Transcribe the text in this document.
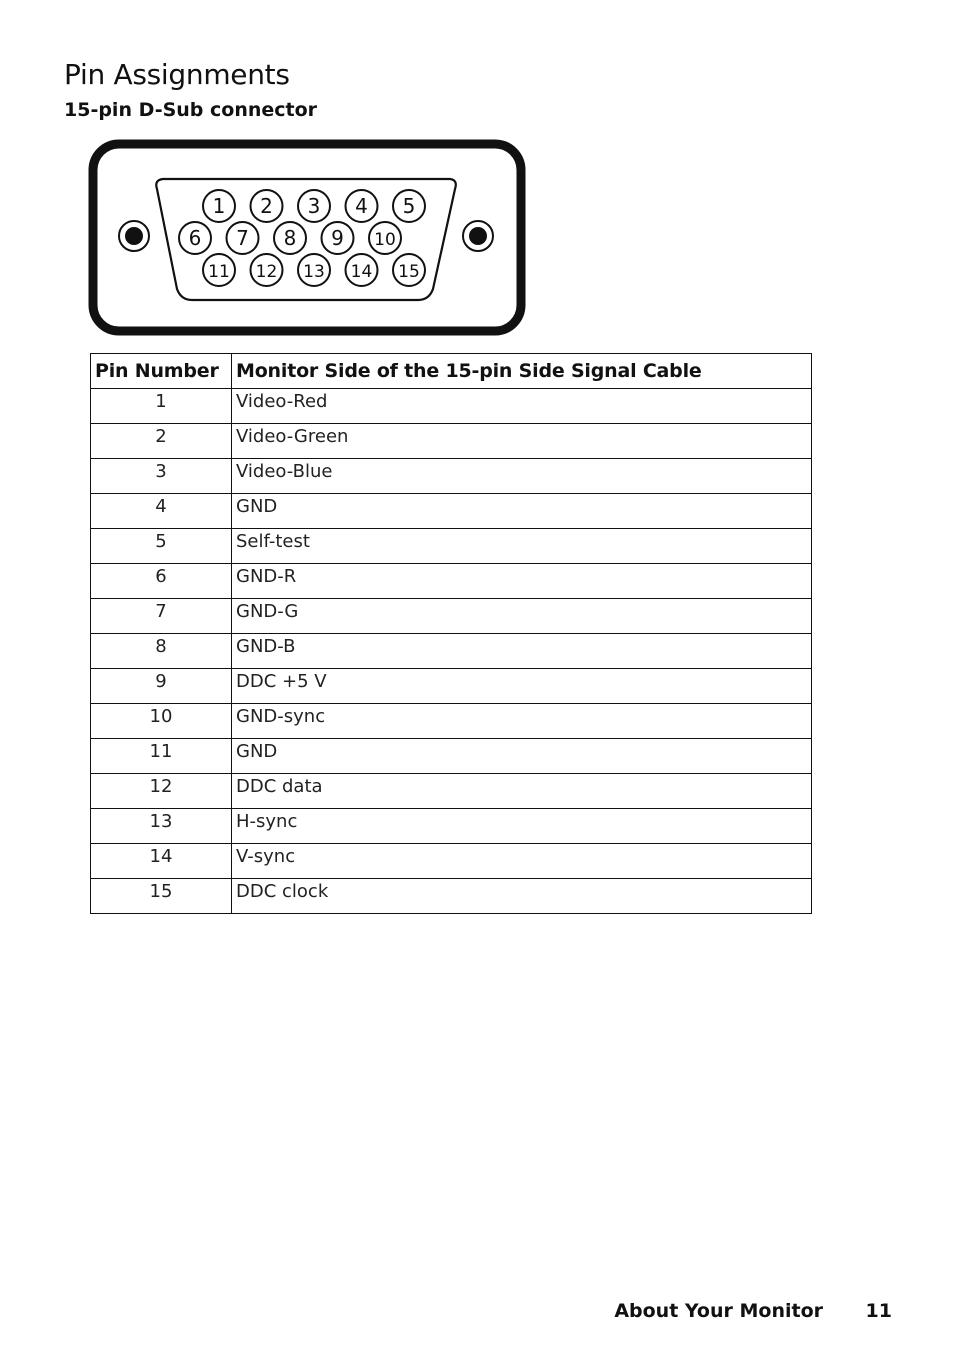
Pin Assignments
15-pin D-Sub connector
1 2 3 4 5
6 7 8 9 10
11 12 13 14 15
Pin Number	Monitor Side of the 15-pin Side Signal Cable
1	Video-Red
2	Video-Green
3	Video-Blue
4	GND
5	Self-test
6	GND-R
7	GND-G
8	GND-B
9	DDC +5 V
10	GND-sync
11	GND
12	DDC data
13	H-sync
14	V-sync
15	DDC clock
About Your Monitor 11
